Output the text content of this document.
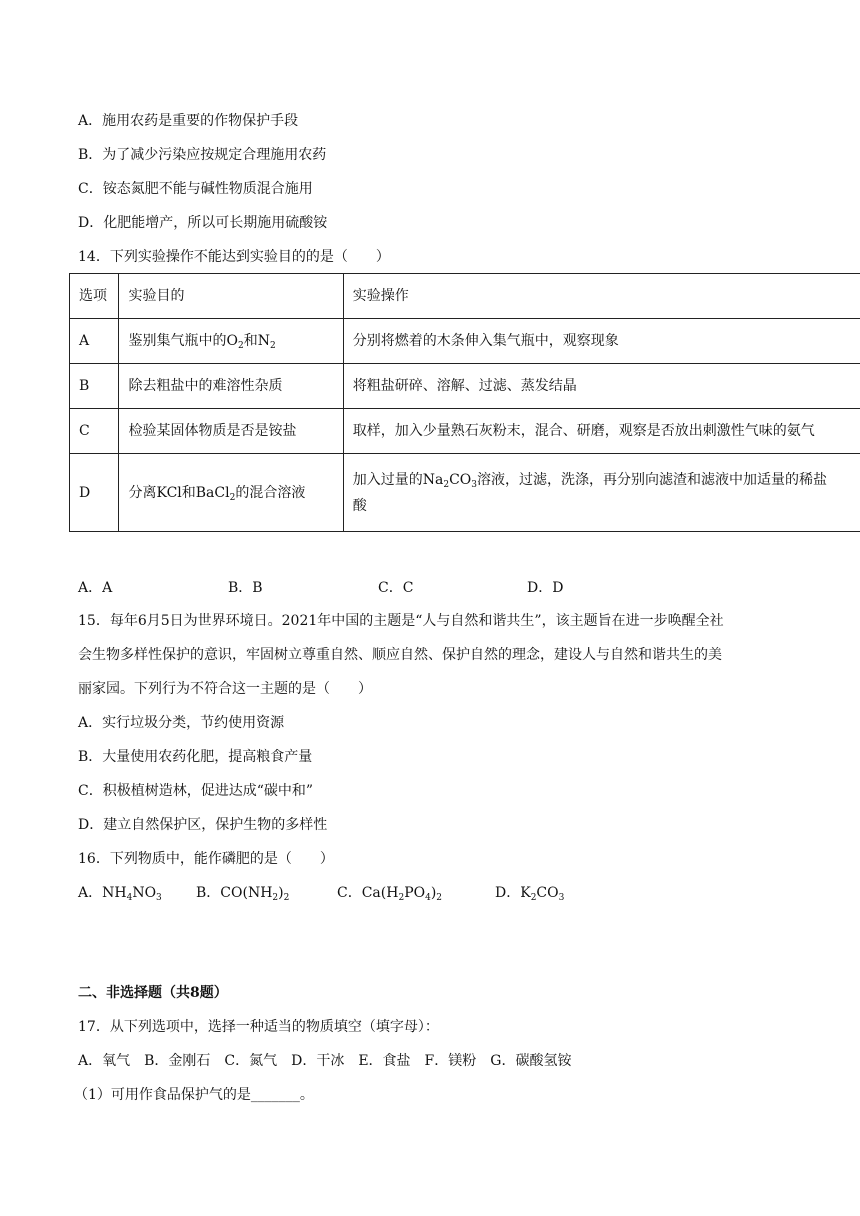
A．施用农药是重要的作物保护手段
B．为了减少污染应按规定合理施用农药
C．铵态氮肥不能与碱性物质混合施用
D．化肥能增产，所以可长期施用硫酸铵
14．下列实验操作不能达到实验目的的是（　　）
选项	实验目的	实验操作
A	鉴别集气瓶中的$O_2$和$N_2$	分别将燃着的木条伸入集气瓶中，观察现象
B	除去粗盐中的难溶性杂质	将粗盐研碎、溶解、过滤、蒸发结晶
C	检验某固体物质是否是铵盐	取样，加入少量熟石灰粉末，混合、研磨，观察是否放出刺激性气味的氨气
D	分离KCl和BaCl$_2$的混合溶液	加入过量的$Na_2CO_3$溶液，过滤，洗涤，再分别向滤渣和滤液中加适量的稀盐
酸
A．A	B．B	C．C	D．D
15．每年6月5日为世界环境日。2021年中国的主题是“人与自然和谐共生”，该主题旨在进一步唤醒全社
会生物多样性保护的意识，牢固树立尊重自然、顺应自然、保护自然的理念，建设人与自然和谐共生的美
丽家园。下列行为不符合这一主题的是（　　）
A．实行垃圾分类，节约使用资源
B．大量使用农药化肥，提高粮食产量
C．积极植树造林，促进达成“碳中和”
D．建立自然保护区，保护生物的多样性
16．下列物质中，能作磷肥的是（　　）
A．$NH_4NO_3$ B．$CO(NH_2)_2$	C．$Ca(H_2PO_4)_2$	D．$K_2CO_3$
二、非选择题（共8题）
17．从下列选项中，选择一种适当的物质填空（填字母）：
A．氧气　B．金刚石　C．氮气　D．干冰　E．食盐　F．镁粉　G．碳酸氢铵
（1）可用作食品保护气的是_______。
